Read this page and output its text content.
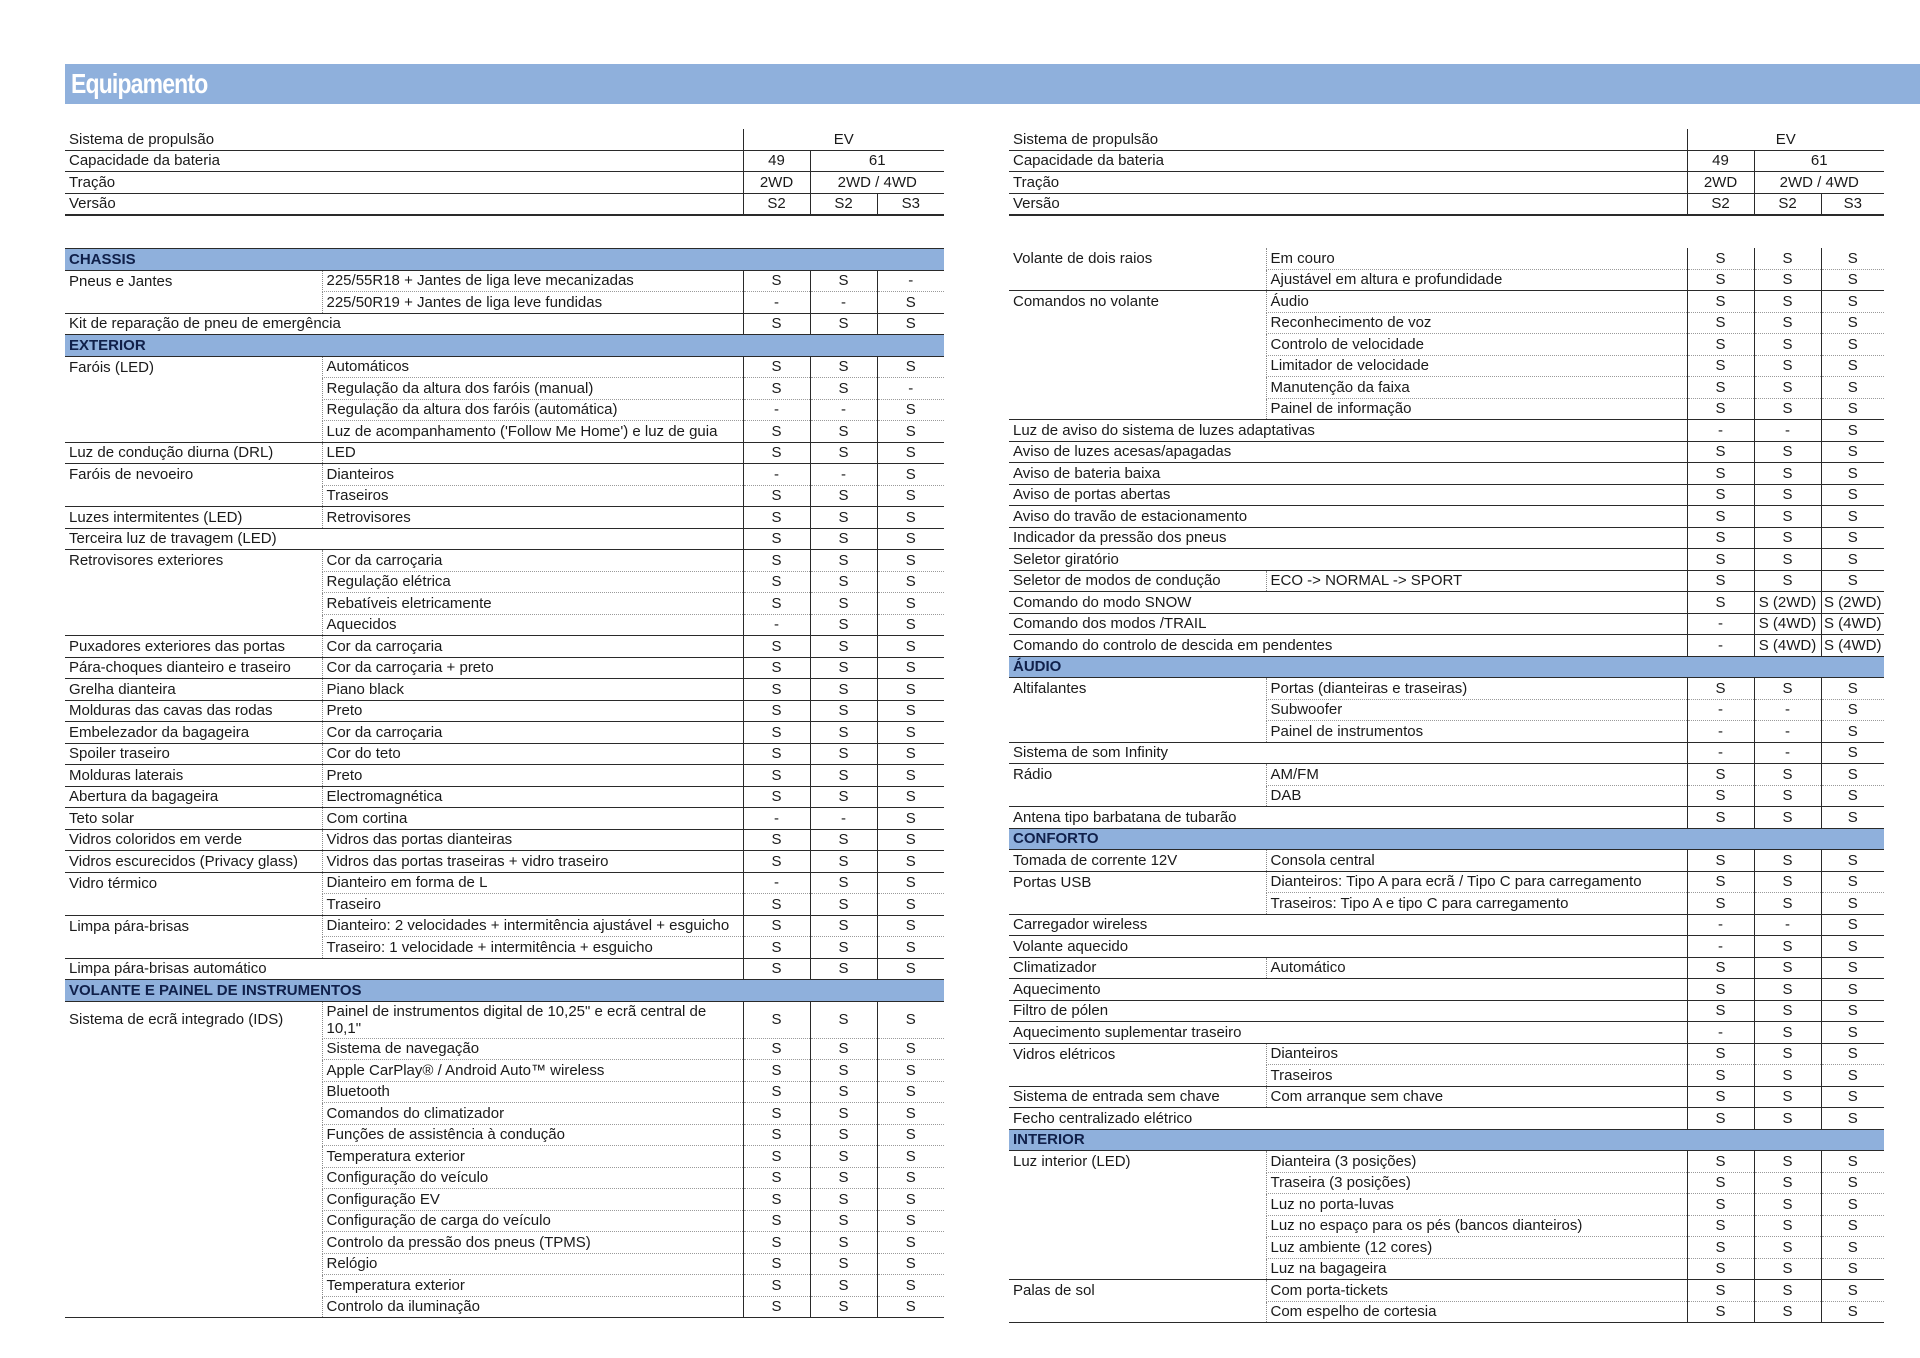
Equipamento
Sistema de propulsão	EV		
Capacidade da bateria	49	61	
Tração	2WD	2WD / 4WD	
Versão	S2	S2	S3
CHASSIS				
Pneus e Jantes	225/55R18 + Jantes de liga leve mecanizadas	S	S	-
	225/50R19 + Jantes de liga leve fundidas	-	-	S
Kit de reparação de pneu de emergência		S	S	S
EXTERIOR				
Faróis (LED)	Automáticos	S	S	S
	Regulação da altura dos faróis (manual)	S	S	-
	Regulação da altura dos faróis (automática)	-	-	S
	Luz de acompanhamento ('Follow Me Home') e luz de guia	S	S	S
Luz de condução diurna (DRL)	LED	S	S	S
Faróis de nevoeiro	Dianteiros	-	-	S
	Traseiros	S	S	S
Luzes intermitentes (LED)	Retrovisores	S	S	S
Terceira luz de travagem (LED)		S	S	S
Retrovisores exteriores	Cor da carroçaria	S	S	S
	Regulação elétrica	S	S	S
	Rebatíveis eletricamente	S	S	S
	Aquecidos	-	S	S
Puxadores exteriores das portas	Cor da carroçaria	S	S	S
Pára-choques dianteiro e traseiro	Cor da carroçaria + preto	S	S	S
Grelha dianteira	Piano black	S	S	S
Molduras das cavas das rodas	Preto	S	S	S
Embelezador da bagageira	Cor da carroçaria	S	S	S
Spoiler traseiro	Cor do teto	S	S	S
Molduras laterais	Preto	S	S	S
Abertura da bagageira	Electromagnética	S	S	S
Teto solar	Com cortina	-	-	S
Vidros coloridos em verde	Vidros das portas dianteiras	S	S	S
Vidros escurecidos (Privacy glass)	Vidros das portas traseiras + vidro traseiro	S	S	S
Vidro térmico	Dianteiro em forma de L	-	S	S
	Traseiro	S	S	S
Limpa pára-brisas	Dianteiro: 2 velocidades + intermitência ajustável + esguicho	S	S	S
	Traseiro: 1 velocidade + intermitência + esguicho	S	S	S
Limpa pára-brisas automático		S	S	S
VOLANTE E PAINEL DE INSTRUMENTOS				
Sistema de ecrã integrado (IDS)	Painel de instrumentos digital de 10,25" e ecrã central de 10,1"	S	S	S
	Sistema de navegação	S	S	S
	Apple CarPlay® / Android Auto™ wireless	S	S	S
	Bluetooth	S	S	S
	Comandos do climatizador	S	S	S
	Funções de assistência à condução	S	S	S
	Temperatura exterior	S	S	S
	Configuração do veículo	S	S	S
	Configuração EV	S	S	S
	Configuração de carga do veículo	S	S	S
	Controlo da pressão dos pneus (TPMS)	S	S	S
	Relógio	S	S	S
	Temperatura exterior	S	S	S
	Controlo da iluminação	S	S	S
Sistema de propulsão	EV		
Capacidade da bateria	49	61	
Tração	2WD	2WD / 4WD	
Versão	S2	S2	S3
Volante de dois raios	Em couro	S	S	S
	Ajustável em altura e profundidade	S	S	S
Comandos no volante	Áudio	S	S	S
	Reconhecimento de voz	S	S	S
	Controlo de velocidade	S	S	S
	Limitador de velocidade	S	S	S
	Manutenção da faixa	S	S	S
	Painel de informação	S	S	S
Luz de aviso do sistema de luzes adaptativas		-	-	S
Aviso de luzes acesas/apagadas		S	S	S
Aviso de bateria baixa		S	S	S
Aviso de portas abertas		S	S	S
Aviso do travão de estacionamento		S	S	S
Indicador da pressão dos pneus		S	S	S
Seletor giratório		S	S	S
Seletor de modos de condução	ECO -> NORMAL -> SPORT	S	S	S
Comando do modo SNOW		S	S (2WD)	S (2WD)
Comando dos modos /TRAIL		-	S (4WD)	S (4WD)
Comando do controlo de descida em pendentes		-	S (4WD)	S (4WD)
ÁUDIO				
Altifalantes	Portas (dianteiras e traseiras)	S	S	S
	Subwoofer	-	-	S
	Painel de instrumentos	-	-	S
Sistema de som Infinity		-	-	S
Rádio	AM/FM	S	S	S
	DAB	S	S	S
Antena tipo barbatana de tubarão		S	S	S
CONFORTO				
Tomada de corrente 12V	Consola central	S	S	S
Portas USB	Dianteiros: Tipo A para ecrã / Tipo C para carregamento	S	S	S
	Traseiros: Tipo A e tipo C para carregamento	S	S	S
Carregador wireless		-	-	S
Volante aquecido		-	S	S
Climatizador	Automático	S	S	S
Aquecimento		S	S	S
Filtro de pólen		S	S	S
Aquecimento suplementar traseiro		-	S	S
Vidros elétricos	Dianteiros	S	S	S
	Traseiros	S	S	S
Sistema de entrada sem chave	Com arranque sem chave	S	S	S
Fecho centralizado elétrico		S	S	S
INTERIOR				
Luz interior (LED)	Dianteira (3 posições)	S	S	S
	Traseira (3 posições)	S	S	S
	Luz no porta-luvas	S	S	S
	Luz no espaço para os pés (bancos dianteiros)	S	S	S
	Luz ambiente (12 cores)	S	S	S
	Luz na bagageira	S	S	S
Palas de sol	Com porta-tickets	S	S	S
	Com espelho de cortesia	S	S	S
